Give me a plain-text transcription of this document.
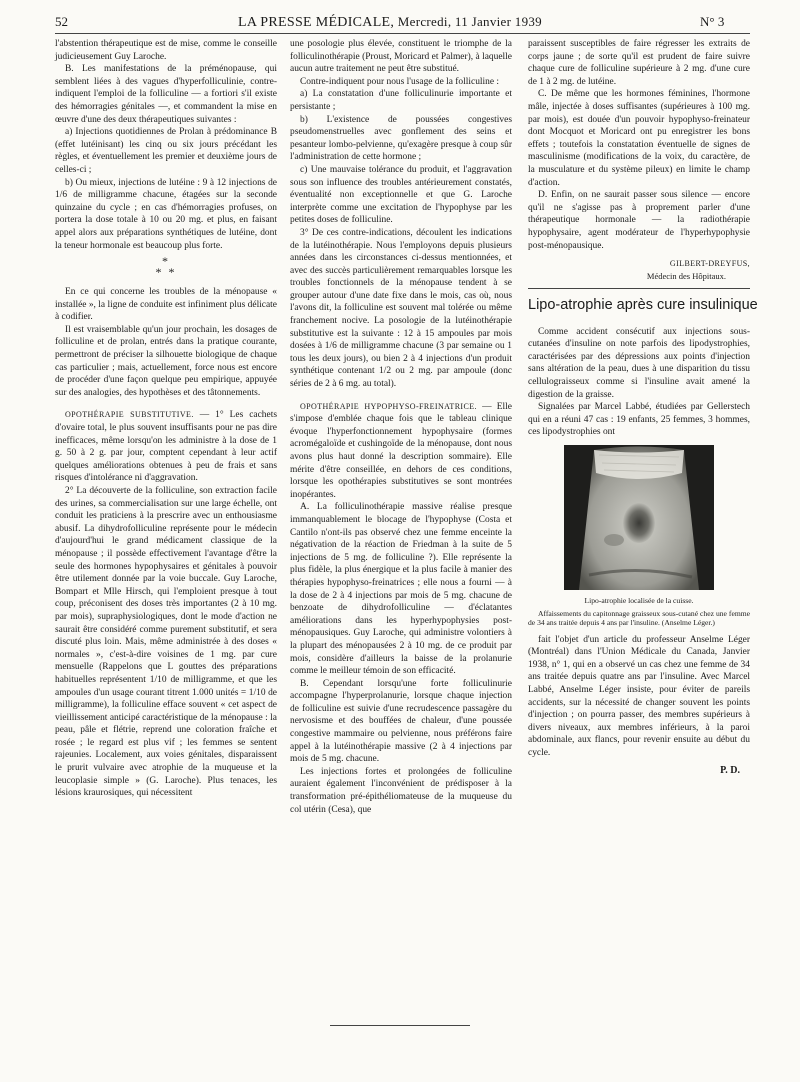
52	LA PRESSE MÉDICALE, Mercredi, 11 Janvier 1939	N° 3

l'abstention thérapeutique est de mise, comme le conseille judicieusement Guy Laroche.

B. Les manifestations de la préménopause, qui semblent liées à des vagues d'hyperfolliculinie, contre-indiquent l'emploi de la folliculine — a fortiori s'il existe des hémorragies génitales —, et commandent la mise en œuvre d'une des deux thérapeutiques suivantes :

a) Injections quotidiennes de Prolan à prédominance B (effet lutéinisant) les cinq ou six jours précédant les règles, et éventuellement les premier et deuxième jours de celles-ci ;

b) Ou mieux, injections de lutéine : 9 à 12 injections de 1/6 de milligramme chacune, étagées sur la seconde quinzaine du cycle ; en cas d'hémorragies profuses, on portera la dose totale à 10 ou 20 mg. et plus, en faisant appel alors aux préparations synthétiques de lutéine, dont la teneur hormonale est beaucoup plus forte.

*
* *

En ce qui concerne les troubles de la ménopause « installée », la ligne de conduite est infiniment plus délicate à codifier.

Il est vraisemblable qu'un jour prochain, les dosages de folliculine et de prolan, entrés dans la pratique courante, permettront de préciser la silhouette biologique de chaque cas particulier ; mais, actuellement, force nous est encore de procéder d'une façon quelque peu empirique, appuyée sur des analogies, des hypothèses et des tâtonnements.

OPOTHÉRAPIE SUBSTITUTIVE. — 1° Les cachets d'ovaire total, le plus souvent insuffisants pour ne pas dire inefficaces, même lorsqu'on les administre à la dose de 1 g. 50 à 2 g. par jour, comptent cependant à leur actif quelques améliorations obtenues à peu de frais et sans risques d'intolérance ni d'aggravation.

2° La découverte de la folliculine, son extraction facile des urines, sa commercialisation sur une large échelle, ont conduit les praticiens à la prescrire avec un enthousiasme abusif. La dihydrofolliculine représente pour le médecin d'aujourd'hui le grand médicament classique de la ménopause ; il possède effectivement l'avantage d'être la seule des hormones hypophysaires et génitales à pouvoir être utilement donnée par la voie buccale. Guy Laroche, Bompart et Mlle Hirsch, qui l'emploient presque à tout coup, préconisent des doses très importantes (2 à 10 mg. par mois), supraphysiologiques, dont le mode d'action ne saurait être considéré comme purement substitutif, et sera discuté plus loin. Mais, même administrée à des doses « normales », c'est-à-dire voisines de 1 mg. par cure mensuelle (Rappelons que L gouttes des préparations habituelles représentent 1/10 de milligramme, et que les ampoules d'un usage courant titrent 1.000 unités = 1/10 de milligramme), la folliculine efface souvent « cet aspect de vieillissement anticipé caractéristique de la ménopause : la peau, pâle et flétrie, reprend une coloration fraîche et rosée ; le regard est plus vif ; les femmes se sentent rajeunies. Localement, aux voies génitales, disparaissent le prurit vulvaire avec atrophie de la muqueuse et la leucoplasie simple » (G. Laroche). Plus tenaces, les lésions kraurosiques, qui nécessitent

une posologie plus élevée, constituent le triomphe de la folliculinothérapie (Proust, Moricard et Palmer), à laquelle aucun autre traitement ne peut être substitué.

Contre-indiquent pour nous l'usage de la folliculine :

a) La constatation d'une folliculinurie importante et persistante ;

b) L'existence de poussées congestives pseudomenstruelles avec gonflement des seins et pesanteur lombo-pelvienne, qu'exagère presque à coup sûr l'administration de cette hormone ;

c) Une mauvaise tolérance du produit, et l'aggravation sous son influence des troubles antérieurement constatés, éventualité non exceptionnelle et que G. Laroche interprète comme une excitation de l'hypophyse par les petites doses de folliculine.

3° De ces contre-indications, découlent les indications de la lutéinothérapie. Nous l'employons depuis plusieurs années dans les circonstances ci-dessus mentionnées, et avec des succès particulièrement remarquables lorsque les troubles fonctionnels de la ménopause tendent à se grouper autour d'une date fixe dans le mois, cas où, nous l'avons dit, la folliculine est souvent mal tolérée ou même franchement nocive. La posologie de la lutéinothérapie substitutive est la suivante : 12 à 15 ampoules par mois dosées à 1/6 de milligramme chacune (3 par semaine ou 1 tous les deux jours), ou bien 2 à 4 injections d'un produit synthétique contenant 1/2 ou 2 mg. par ampoule (donc séries de 2 à 6 mg. au total).

OPOTHÉRAPIE HYPOPHYSO-FREINATRICE. — Elle s'impose d'emblée chaque fois que le tableau clinique évoque l'hyperfonctionnement hypophysaire (formes acromégaloïde et cushingoïde de la ménopause, dont nous avons plus haut donné la description sommaire). Elle mérite d'être conseillée, en dehors de ces conditions, lorsque les opothérapies substitutives se sont montrées inopérantes.

A. La folliculinothérapie massive réalise presque immanquablement le blocage de l'hypophyse (Costa et Cantilo n'ont-ils pas observé chez une femme enceinte la négativation de la réaction de Friedman à la suite de 5 injections de 5 mg. de folliculine ?). Elle représente la plus fidèle, la plus énergique et la plus facile à manier des thérapies hypophyso-freinatrices ; elle nous a fourni — à la dose de 2 à 4 injections par mois de 5 mg. chacune de benzoate de dihydrofolliculine — d'éclatantes améliorations dans les hyperhypophysies post-ménopausiques. Guy Laroche, qui administre volontiers à la plupart des ménopausées 2 à 10 mg. de ce produit par mois, considère d'ailleurs la baisse de la prolanurie comme le meilleur témoin de son efficacité.

B. Cependant lorsqu'une forte folliculinurie accompagne l'hyperprolanurie, lorsque chaque injection de folliculine est suivie d'une recrudescence passagère du nervosisme et des bouffées de chaleur, d'une poussée congestive mammaire ou pelvienne, nous préférons faire appel à la lutéinothérapie massive (2 à 4 injections par mois de 5 mg. chacune.

Les injections fortes et prolongées de folliculine auraient également l'inconvénient de prédisposer à la transformation pré-épithéliomateuse de la muqueuse du col utérin (Cesa), que

paraissent susceptibles de faire régresser les extraits de corps jaune ; de sorte qu'il est prudent de faire suivre chaque cure de folliculine supérieure à 2 mg. d'une cure de 1 à 2 mg. de lutéine.

C. De même que les hormones féminines, l'hormone mâle, injectée à doses suffisantes (supérieures à 100 mg. par mois), est douée d'un pouvoir hypophyso-freinateur dont Mocquot et Moricard ont pu enregistrer les bons effets ; toutefois la constatation éventuelle de signes de masculinisme (modifications de la voix, du caractère, de la musculature et du système pileux) en limite le champ d'action.

D. Enfin, on ne saurait passer sous silence — encore qu'il ne s'agisse pas à proprement parler d'une thérapeutique hormonale — la radiothérapie hypophysaire, agent modérateur de l'hyperhypophysie post-ménopausique.

GILBERT-DREYFUS,
Médecin des Hôpitaux.
Lipo-atrophie après cure insulinique

Comme accident consécutif aux injections sous-cutanées d'insuline on note parfois des lipodystrophies, caractérisées par des dépressions aux points d'injection sans altération de la peau, dues à une disparition du tissu cellulograisseux comme si l'insuline avait amené la digestion de la graisse.

Signalées par Marcel Labbé, étudiées par Gellerstech qui en a réuni 47 cas : 19 enfants, 25 femmes, 3 hommes, ces lipodystrophies ont

Lipo-atrophie localisée de la cuisse.
Affaissements du capitonnage graisseux sous-cutané chez une femme de 34 ans traitée depuis 4 ans par l'insuline. (Anselme Léger.)

fait l'objet d'un article du professeur Anselme Léger (Montréal) dans l'Union Médicale du Canada, Janvier 1938, n° 1, qui en a observé un cas chez une femme de 34 ans traitée depuis quatre ans par l'insuline. Avec Marcel Labbé, Anselme Léger insiste, pour éviter de pareils accidents, sur la nécessité de changer souvent les points d'injection ; on pourra passer, des membres supérieurs à divers niveaux, aux membres inférieurs, à la paroi abdominale, aux flancs, pour revenir ensuite au début du cycle.

P. D.
